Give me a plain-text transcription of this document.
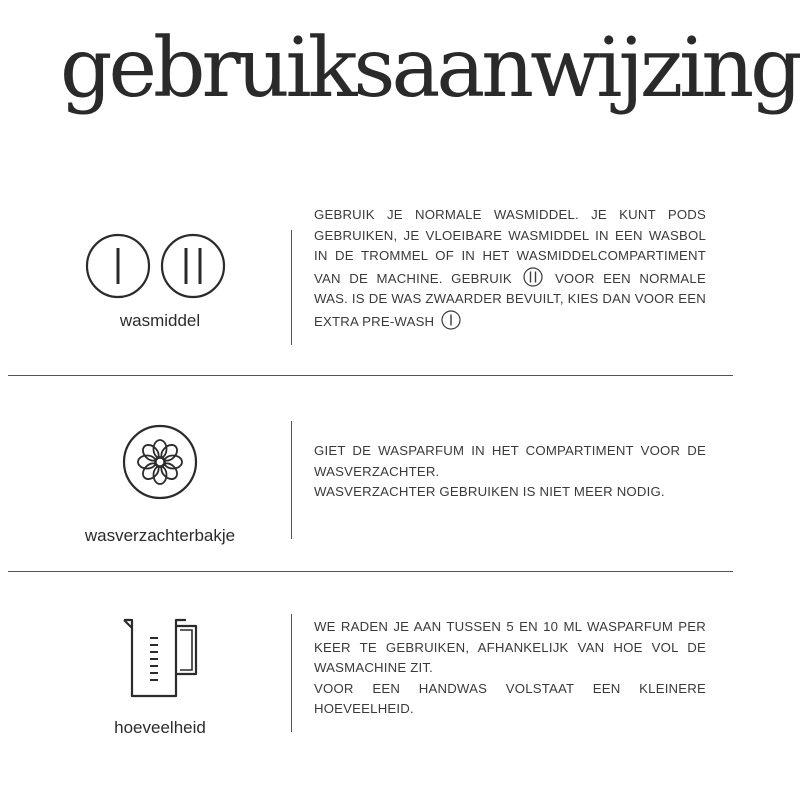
gebruiksaanwijzing
wasmiddel

GEBRUIK JE NORMALE WASMIDDEL. JE KUNT PODS GEBRUIKEN, JE VLOEIBARE WASMIDDEL IN EEN WASBOL IN DE TROMMEL OF IN HET WASMIDDELCOMPARTIMENT VAN DE MACHINE. GEBRUIK	VOOR EEN NORMALE WAS. IS DE WAS ZWAARDER BEVUILT, KIES DAN VOOR EEN EXTRA PRE-WASH

wasverzachterbakje

GIET DE WASPARFUM IN HET COMPARTIMENT VOOR DE WASVERZACHTER.

WASVERZACHTER GEBRUIKEN IS NIET MEER NODIG.

hoeveelheid

WE RADEN JE AAN TUSSEN 5 EN 10 ML WASPARFUM PER KEER TE GEBRUIKEN, AFHANKELIJK VAN HOE VOL DE WASMACHINE ZIT.

VOOR EEN HANDWAS VOLSTAAT EEN KLEINERE HOEVEELHEID.
